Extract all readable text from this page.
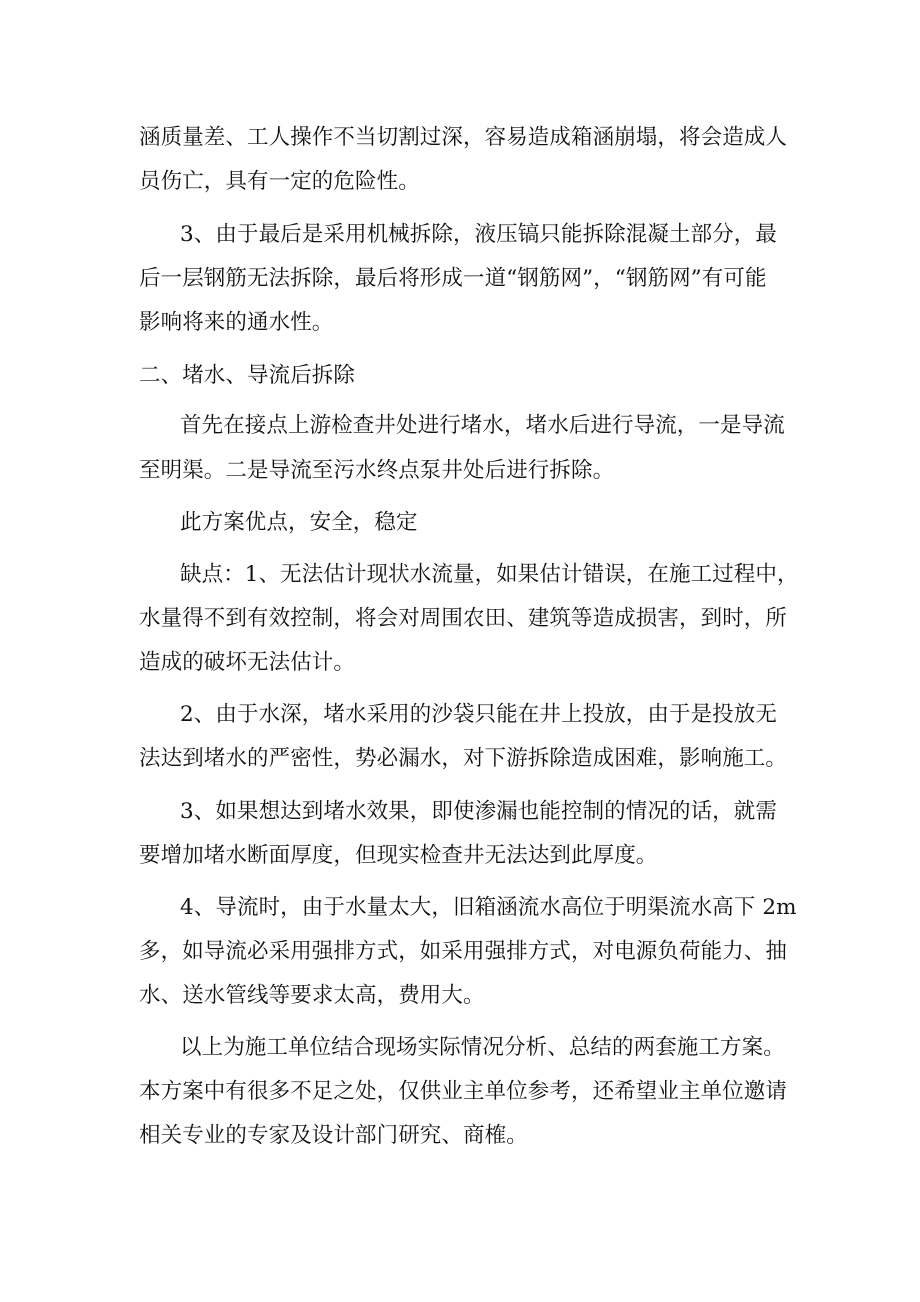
涵质量差、工人操作不当切割过深，容易造成箱涵崩塌，将会造成人
员伤亡，具有一定的危险性。
3、由于最后是采用机械拆除，液压镐只能拆除混凝土部分，最
后一层钢筋无法拆除，最后将形成一道“钢筋网”，“钢筋网”有可能
影响将来的通水性。
二、堵水、导流后拆除
首先在接点上游检查井处进行堵水，堵水后进行导流，一是导流
至明渠。二是导流至污水终点泵井处后进行拆除。
此方案优点，安全，稳定
缺点：1、无法估计现状水流量，如果估计错误，在施工过程中，
水量得不到有效控制，将会对周围农田、建筑等造成损害，到时，所
造成的破坏无法估计。
2、由于水深，堵水采用的沙袋只能在井上投放，由于是投放无
法达到堵水的严密性，势必漏水，对下游拆除造成困难，影响施工。
3、如果想达到堵水效果，即使渗漏也能控制的情况的话，就需
要增加堵水断面厚度，但现实检查井无法达到此厚度。
4、导流时，由于水量太大，旧箱涵流水高位于明渠流水高下 2m
多，如导流必采用强排方式，如采用强排方式，对电源负荷能力、抽
水、送水管线等要求太高，费用大。
以上为施工单位结合现场实际情况分析、总结的两套施工方案。
本方案中有很多不足之处，仅供业主单位参考，还希望业主单位邀请
相关专业的专家及设计部门研究、商榷。
